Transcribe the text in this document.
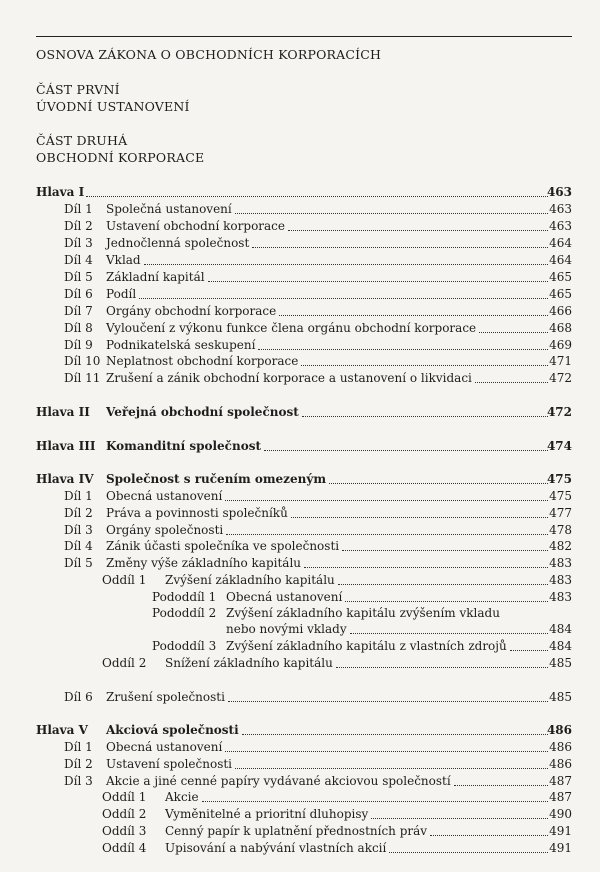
OSNOVA ZÁKONA O OBCHODNÍCH KORPORACÍCH
ČÁST PRVNÍ
ÚVODNÍ USTANOVENÍ
ČÁST DRUHÁ
OBCHODNÍ KORPORACE
Hlava I	463
Díl 1 Společná ustanovení	463
Díl 2 Ustavení obchodní korporace	463
Díl 3 Jednočlenná společnost	464
Díl 4 Vklad	464
Díl 5 Základní kapitál	465
Díl 6 Podíl	465
Díl 7 Orgány obchodní korporace	466
Díl 8 Vyloučení z výkonu funkce člena orgánu obchodní korporace	468
Díl 9 Podnikatelská seskupení	469
Díl 10 Neplatnost obchodní korporace	471
Díl 11 Zrušení a zánik obchodní korporace a ustanovení o likvidaci	472
Hlava II Veřejná obchodní společnost	472
Hlava III Komanditní společnost	474
Hlava IV Společnost s ručením omezeným	475
Díl 1 Obecná ustanovení	475
Díl 2 Práva a povinnosti společníků	477
Díl 3 Orgány společnosti	478
Díl 4 Zánik účasti společníka ve společnosti	482
Díl 5 Změny výše základního kapitálu	483
Oddíl 1 Zvýšení základního kapitálu	483
Pododdíl 1 Obecná ustanovení	483
Pododdíl 2 Zvýšení základního kapitálu zvýšením vkladu
nebo novými vklady	484
Pododdíl 3 Zvýšení základního kapitálu z vlastních zdrojů	484
Oddíl 2 Snížení základního kapitálu	485
Díl 6 Zrušení společnosti	485
Hlava V Akciová společnosti	486
Díl 1 Obecná ustanovení	486
Díl 2 Ustavení společnosti	486
Díl 3 Akcie a jiné cenné papíry vydávané akciovou společností	487
Oddíl 1 Akcie	487
Oddíl 2 Vyměnitelné a prioritní dluhopisy	490
Oddíl 3 Cenný papír k uplatnění přednostních práv	491
Oddíl 4 Upisování a nabývání vlastních akcií	491
